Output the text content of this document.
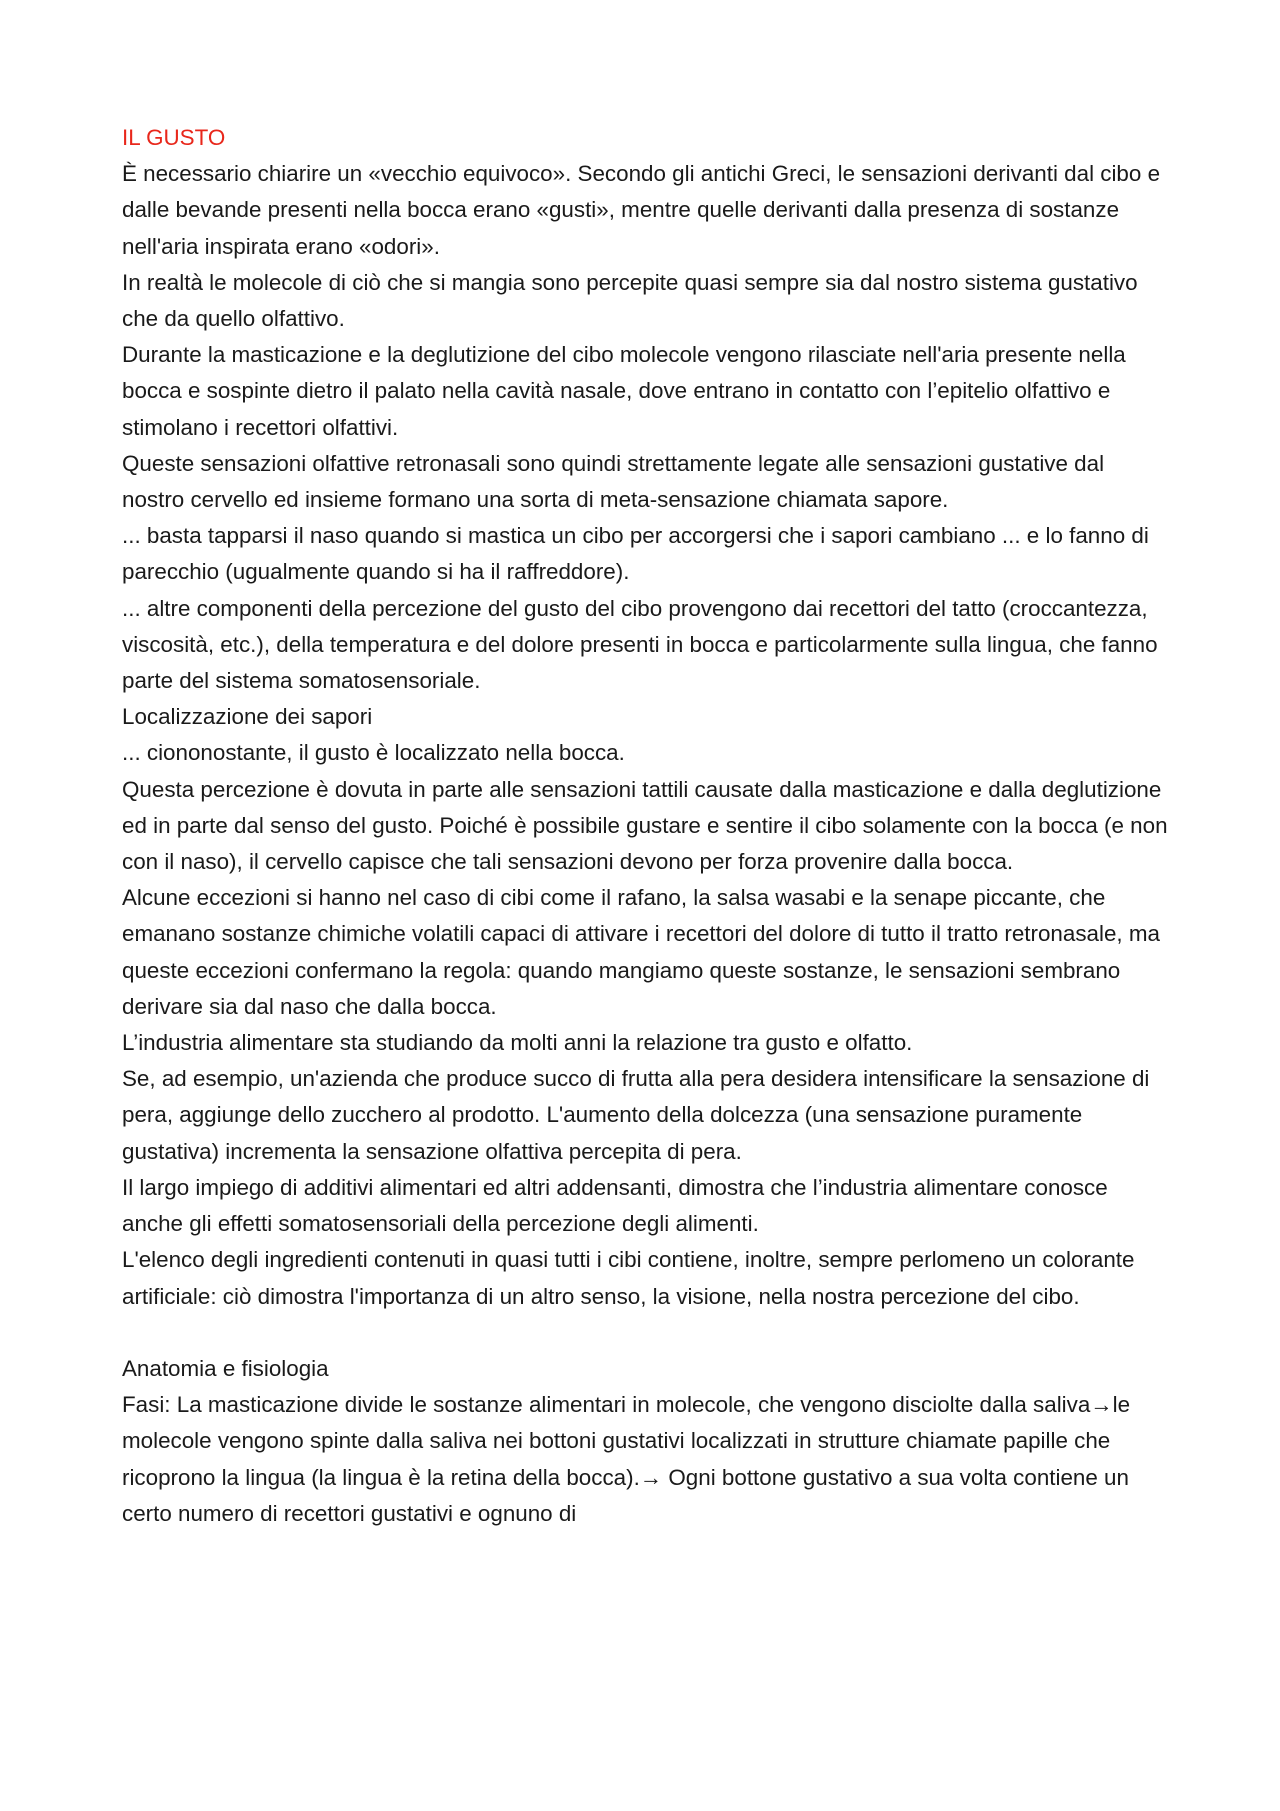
IL GUSTO

È necessario chiarire un «vecchio equivoco». Secondo gli antichi Greci, le sensazioni derivanti dal cibo e dalle bevande presenti nella bocca erano «gusti», mentre quelle derivanti dalla presenza di sostanze nell'aria inspirata erano «odori».

In realtà le molecole di ciò che si mangia sono percepite quasi sempre sia dal nostro sistema gustativo che da quello olfattivo.

Durante la masticazione e la deglutizione del cibo molecole vengono rilasciate nell'aria presente nella bocca e sospinte dietro il palato nella cavità nasale, dove entrano in contatto con l’epitelio olfattivo e stimolano i recettori olfattivi.

Queste sensazioni olfattive retronasali sono quindi strettamente legate alle sensazioni gustative dal nostro cervello ed insieme formano una sorta di meta-sensazione chiamata sapore.

... basta tapparsi il naso quando si mastica un cibo per accorgersi che i sapori cambiano ... e lo fanno di parecchio (ugualmente quando si ha il raffreddore).

... altre componenti della percezione del gusto del cibo provengono dai recettori del tatto (croccantezza, viscosità, etc.), della temperatura e del dolore presenti in bocca e particolarmente sulla lingua, che fanno parte del sistema somatosensoriale.

Localizzazione dei sapori

... ciononostante, il gusto è localizzato nella bocca.

Questa percezione è dovuta in parte alle sensazioni tattili causate dalla masticazione e dalla deglutizione ed in parte dal senso del gusto. Poiché è possibile gustare e sentire il cibo solamente con la bocca (e non con il naso), il cervello capisce che tali sensazioni devono per forza provenire dalla bocca.

Alcune eccezioni si hanno nel caso di cibi come il rafano, la salsa wasabi e la senape piccante, che emanano sostanze chimiche volatili capaci di attivare i recettori del dolore di tutto il tratto retronasale, ma queste eccezioni confermano la regola: quando mangiamo queste sostanze, le sensazioni sembrano derivare sia dal naso che dalla bocca.

L’industria alimentare sta studiando da molti anni la relazione tra gusto e olfatto.

Se, ad esempio, un'azienda che produce succo di frutta alla pera desidera intensificare la sensazione di pera, aggiunge dello zucchero al prodotto. L'aumento della dolcezza (una sensazione puramente gustativa) incrementa la sensazione olfattiva percepita di pera.

Il largo impiego di additivi alimentari ed altri addensanti, dimostra che l’industria alimentare conosce anche gli effetti somatosensoriali della percezione degli alimenti.

L'elenco degli ingredienti contenuti in quasi tutti i cibi contiene, inoltre, sempre perlomeno un colorante artificiale: ciò dimostra l'importanza di un altro senso, la visione, nella nostra percezione del cibo.

Anatomia e fisiologia

Fasi: La masticazione divide le sostanze alimentari in molecole, che vengono disciolte dalla saliva→le molecole vengono spinte dalla saliva nei bottoni gustativi localizzati in strutture chiamate papille che ricoprono la lingua (la lingua è la retina della bocca).→ Ogni bottone gustativo a sua volta contiene un certo numero di recettori gustativi e ognuno di
